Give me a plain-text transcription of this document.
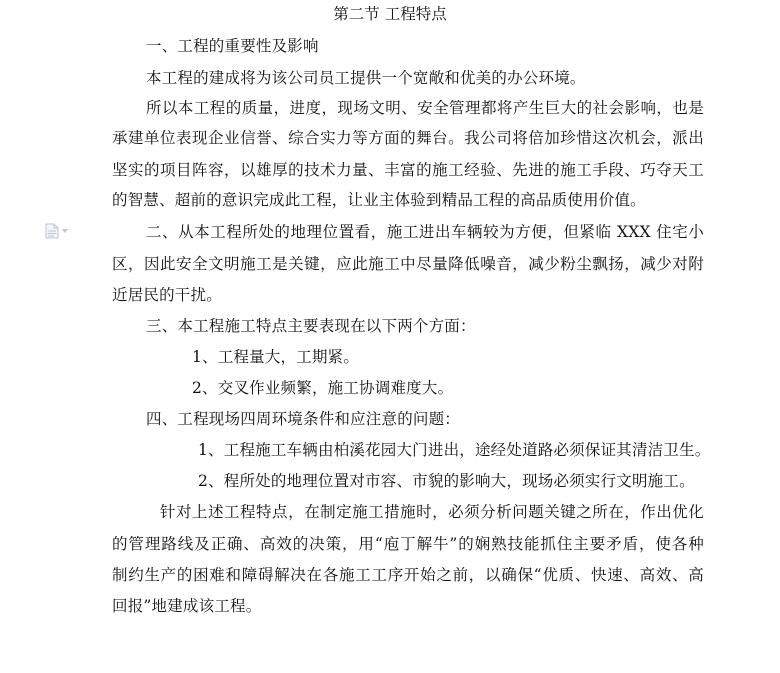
第二节 工程特点
一、工程的重要性及影响
本工程的建成将为该公司员工提供一个宽敞和优美的办公环境。
所以本工程的质量，进度，现场文明、安全管理都将产生巨大的社会影响，也是
承建单位表现企业信誉、综合实力等方面的舞台。我公司将倍加珍惜这次机会，派出
坚实的项目阵容，以雄厚的技术力量、丰富的施工经验、先进的施工手段、巧夺天工
的智慧、超前的意识完成此工程，让业主体验到精品工程的高品质使用价值。
二、从本工程所处的地理位置看，施工进出车辆较为方便，但紧临 XXX 住宅小
区，因此安全文明施工是关键，应此施工中尽量降低噪音，减少粉尘飘扬，减少对附
近居民的干扰。
三、本工程施工特点主要表现在以下两个方面：
1、工程量大，工期紧。
2、交叉作业频繁，施工协调难度大。
四、工程现场四周环境条件和应注意的问题：
1、工程施工车辆由柏溪花园大门进出，途经处道路必须保证其清洁卫生。
2、程所处的地理位置对市容、市貌的影响大，现场必须实行文明施工。
针对上述工程特点，在制定施工措施时，必须分析问题关键之所在，作出优化
的管理路线及正确、高效的决策，用“庖丁解牛”的娴熟技能抓住主要矛盾，使各种
制约生产的困难和障碍解决在各施工工序开始之前，以确保“优质、快速、高效、高
回报”地建成该工程。
